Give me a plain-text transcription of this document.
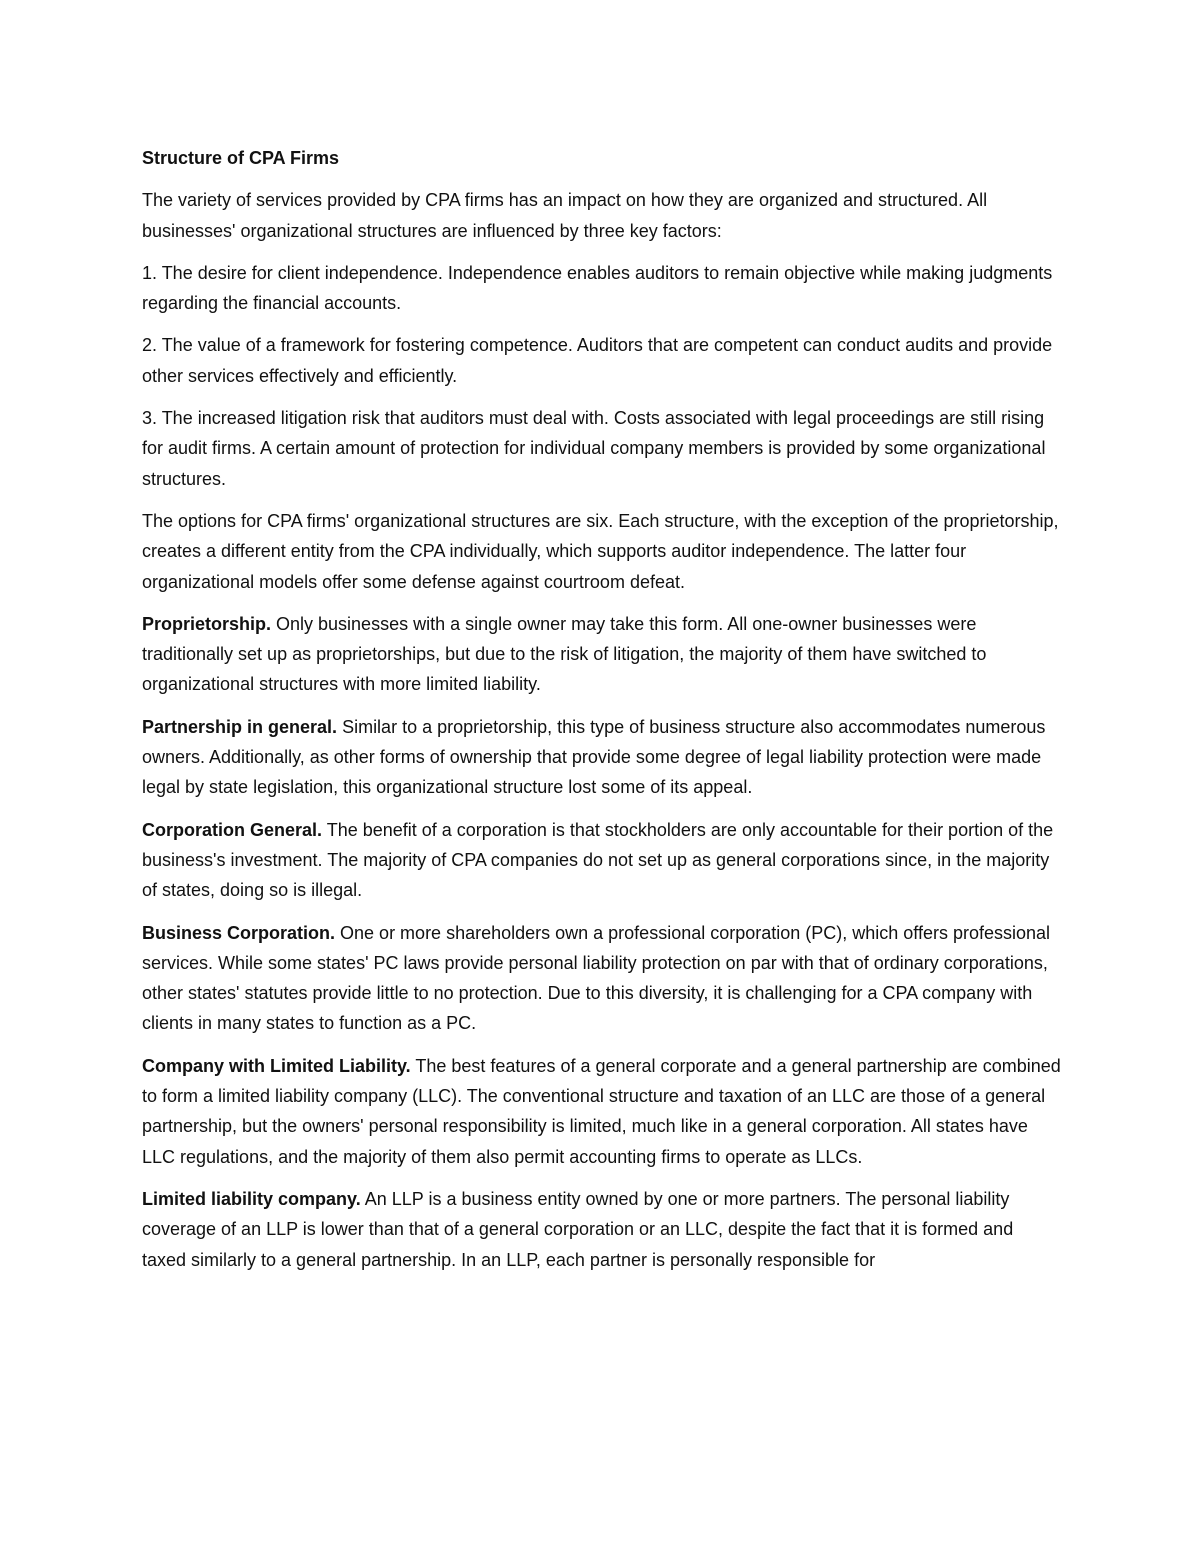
Structure of CPA Firms

The variety of services provided by CPA firms has an impact on how they are organized and structured. All businesses' organizational structures are influenced by three key factors:

1. The desire for client independence. Independence enables auditors to remain objective while making judgments regarding the financial accounts.

2. The value of a framework for fostering competence. Auditors that are competent can conduct audits and provide other services effectively and efficiently.

3. The increased litigation risk that auditors must deal with. Costs associated with legal proceedings are still rising for audit firms. A certain amount of protection for individual company members is provided by some organizational structures.

The options for CPA firms' organizational structures are six. Each structure, with the exception of the proprietorship, creates a different entity from the CPA individually, which supports auditor independence. The latter four organizational models offer some defense against courtroom defeat.

Proprietorship. Only businesses with a single owner may take this form. All one-owner businesses were traditionally set up as proprietorships, but due to the risk of litigation, the majority of them have switched to organizational structures with more limited liability.

Partnership in general. Similar to a proprietorship, this type of business structure also accommodates numerous owners. Additionally, as other forms of ownership that provide some degree of legal liability protection were made legal by state legislation, this organizational structure lost some of its appeal.

Corporation General. The benefit of a corporation is that stockholders are only accountable for their portion of the business's investment. The majority of CPA companies do not set up as general corporations since, in the majority of states, doing so is illegal.

Business Corporation. One or more shareholders own a professional corporation (PC), which offers professional services. While some states' PC laws provide personal liability protection on par with that of ordinary corporations, other states' statutes provide little to no protection. Due to this diversity, it is challenging for a CPA company with clients in many states to function as a PC.

Company with Limited Liability. The best features of a general corporate and a general partnership are combined to form a limited liability company (LLC). The conventional structure and taxation of an LLC are those of a general partnership, but the owners' personal responsibility is limited, much like in a general corporation. All states have LLC regulations, and the majority of them also permit accounting firms to operate as LLCs.

Limited liability company. An LLP is a business entity owned by one or more partners. The personal liability coverage of an LLP is lower than that of a general corporation or an LLC, despite the fact that it is formed and taxed similarly to a general partnership. In an LLP, each partner is personally responsible for
